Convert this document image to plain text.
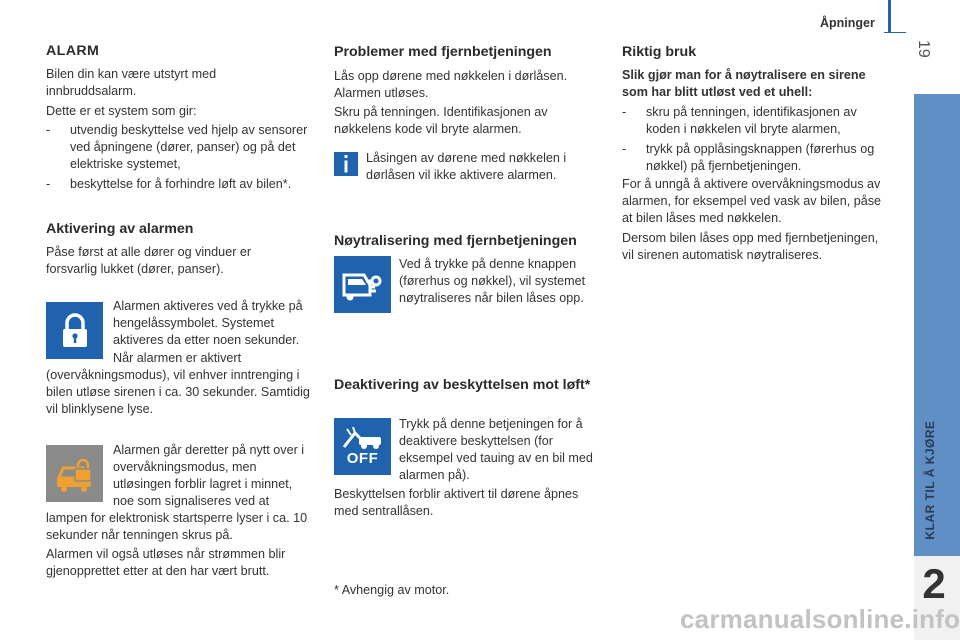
Åpninger
19
KLAR TIL Å KJØRE
2
ALARM

Bilen din kan være utstyrt med innbruddsalarm.

Dette er et system som gir:

- utvendig beskyttelse ved hjelp av sensorer ved åpningene (dører, panser) og på det elektriske systemet,
- beskyttelse for å forhindre løft av bilen*.
Aktivering av alarmen

Påse først at alle dører og vinduer er forsvarlig lukket (dører, panser).

Alarmen aktiveres ved å trykke på hengelåssymbolet. Systemet aktiveres da etter noen sekunder.

Når alarmen er aktivert

(overvåkningsmodus), vil enhver inntrenging i bilen utløse sirenen i ca. 30 sekunder. Samtidig vil blinklysene lyse.

Alarmen går deretter på nytt over i overvåkningsmodus, men utløsingen forblir lagret i minnet, noe som signaliseres ved at

lampen for elektronisk startsperre lyser i ca. 10 sekunder når tenningen skrus på.

Alarmen vil også utløses når strømmen blir gjenopprettet etter at den har vært brutt.

Problemer med fjernbetjeningen

Lås opp dørene med nøkkelen i dørlåsen. Alarmen utløses.

Skru på tenningen. Identifikasjonen av nøkkelens kode vil bryte alarmen.

Låsingen av dørene med nøkkelen i dørlåsen vil ikke aktivere alarmen.

Nøytralisering med fjernbetjeningen

Ved å trykke på denne knappen (førerhus og nøkkel), vil systemet nøytraliseres når bilen låses opp.

Deaktivering av beskyttelsen mot løft*
OFF

Trykk på denne betjeningen for å deaktivere beskyttelsen (for eksempel ved tauing av en bil med alarmen på).

Beskyttelsen forblir aktivert til dørene åpnes med sentrallåsen.

* Avhengig av motor.

Riktig bruk

Slik gjør man for å nøytralisere en sirene som har blitt utløst ved et uhell:

- skru på tenningen, identifikasjonen av koden i nøkkelen vil bryte alarmen,
- trykk på opplåsingsknappen (førerhus og nøkkel) på fjernbetjeningen.

For å unngå å aktivere overvåkningsmodus av alarmen, for eksempel ved vask av bilen, påse at bilen låses med nøkkelen.

Dersom bilen låses opp med fjernbetjeningen, vil sirenen automatisk nøytraliseres.

carmanualsonline.info
